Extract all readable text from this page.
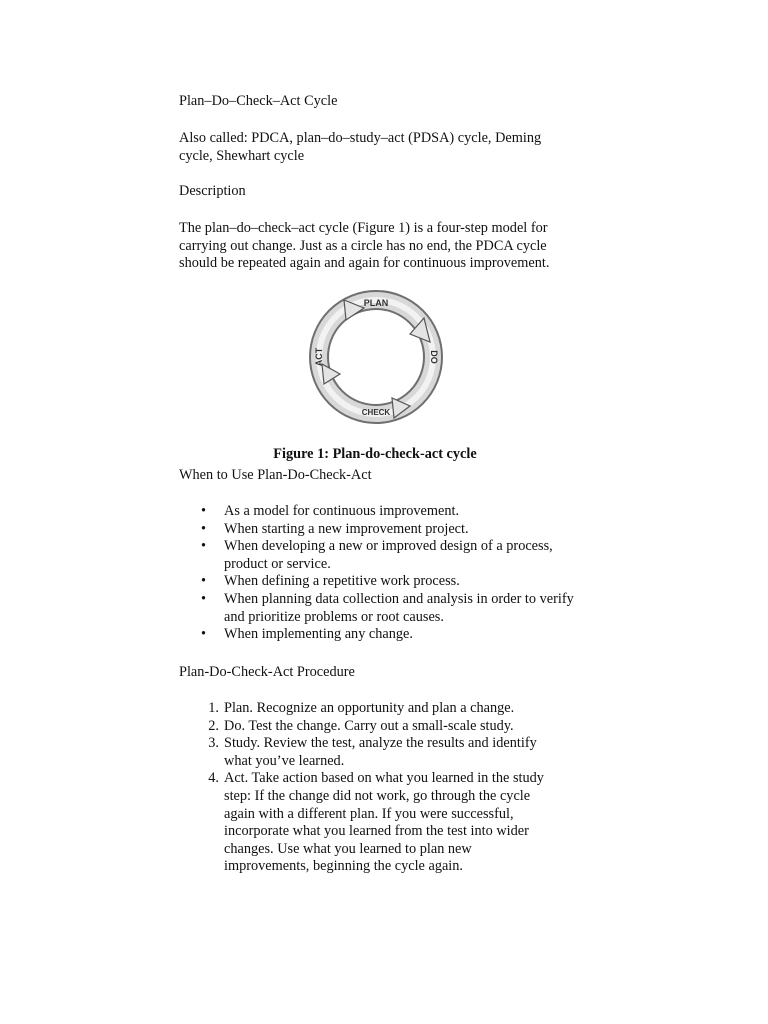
Plan–Do–Check–Act Cycle

Also called: PDCA, plan–do–study–act (PDSA) cycle, Deming cycle, Shewhart cycle

Description

The plan–do–check–act cycle (Figure 1) is a four-step model for carrying out change. Just as a circle has no end, the PDCA cycle should be repeated again and again for continuous improvement.

PLAN
DO
CHECK
ACT

Figure 1: Plan-do-check-act cycle

When to Use Plan-Do-Check-Act

•	As a model for continuous improvement.
•	When starting a new improvement project.
•	When developing a new or improved design of a process, product or service.
•	When defining a repetitive work process.
•	When planning data collection and analysis in order to verify and prioritize problems or root causes.
•	When implementing any change.

Plan-Do-Check-Act Procedure

1. Plan. Recognize an opportunity and plan a change.
2. Do. Test the change. Carry out a small-scale study.
3. Study. Review the test, analyze the results and identify what you’ve learned.
4. Act. Take action based on what you learned in the study step: If the change did not work, go through the cycle again with a different plan. If you were successful, incorporate what you learned from the test into wider changes. Use what you learned to plan new improvements, beginning the cycle again.
